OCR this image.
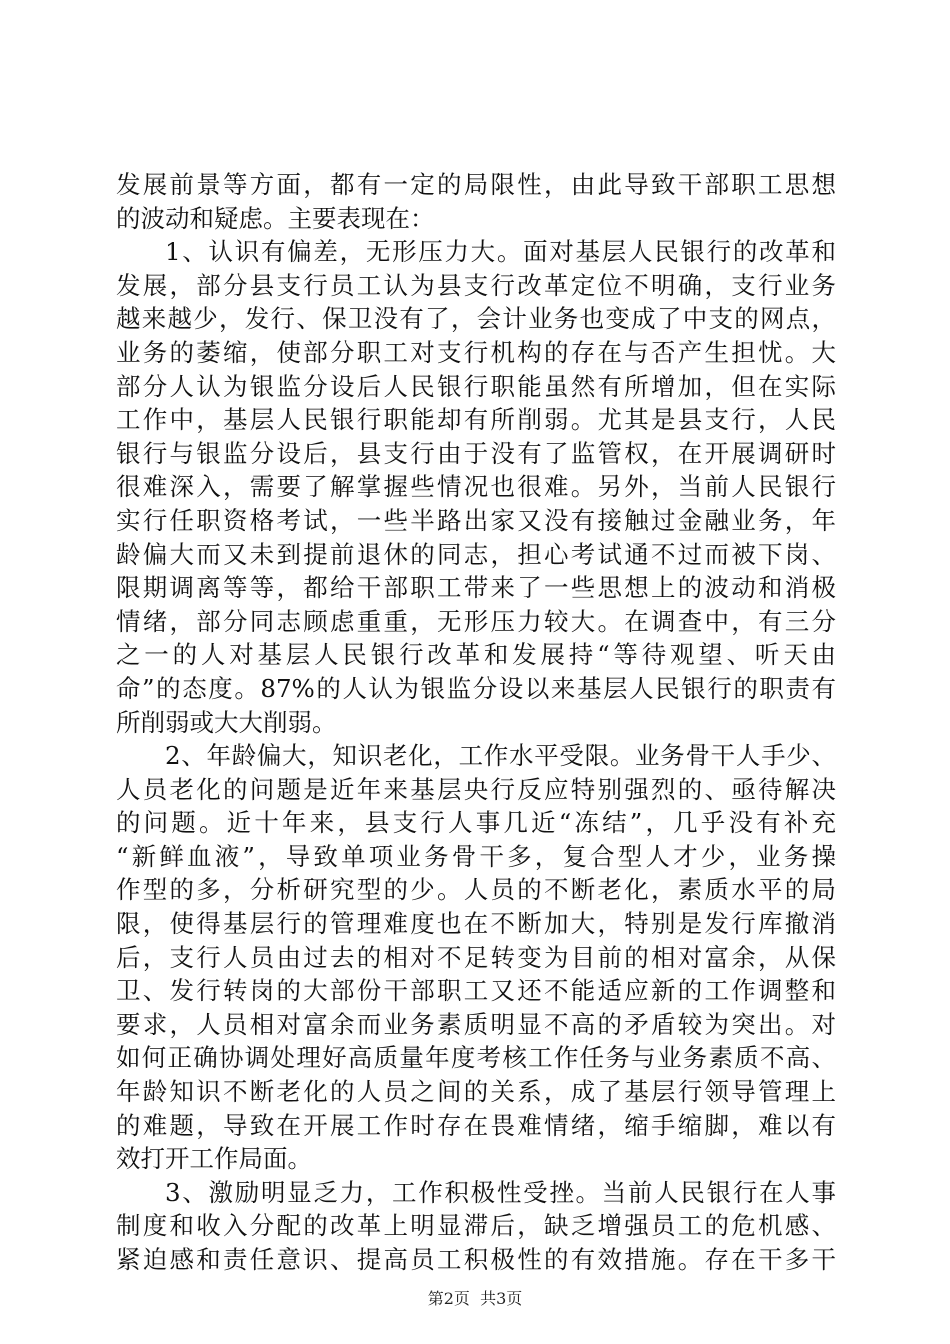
发展前景等方面，都有一定的局限性，由此导致干部职工思想
的波动和疑虑。主要表现在：
1、认识有偏差，无形压力大。面对基层人民银行的改革和
发展，部分县支行员工认为县支行改革定位不明确，支行业务
越来越少，发行、保卫没有了，会计业务也变成了中支的网点，
业务的萎缩，使部分职工对支行机构的存在与否产生担忧。大
部分人认为银监分设后人民银行职能虽然有所增加，但在实际
工作中，基层人民银行职能却有所削弱。尤其是县支行，人民
银行与银监分设后，县支行由于没有了监管权，在开展调研时
很难深入，需要了解掌握些情况也很难。另外，当前人民银行
实行任职资格考试，一些半路出家又没有接触过金融业务，年
龄偏大而又未到提前退休的同志，担心考试通不过而被下岗、
限期调离等等，都给干部职工带来了一些思想上的波动和消极
情绪，部分同志顾虑重重，无形压力较大。在调查中，有三分
之一的人对基层人民银行改革和发展持“等待观望、听天由
命”的态度。87%的人认为银监分设以来基层人民银行的职责有
所削弱或大大削弱。
2、年龄偏大，知识老化，工作水平受限。业务骨干人手少、
人员老化的问题是近年来基层央行反应特别强烈的、亟待解决
的问题。近十年来，县支行人事几近“冻结”，几乎没有补充
“新鲜血液”，导致单项业务骨干多，复合型人才少，业务操
作型的多，分析研究型的少。人员的不断老化，素质水平的局
限，使得基层行的管理难度也在不断加大，特别是发行库撤消
后，支行人员由过去的相对不足转变为目前的相对富余，从保
卫、发行转岗的大部份干部职工又还不能适应新的工作调整和
要求，人员相对富余而业务素质明显不高的矛盾较为突出。对
如何正确协调处理好高质量年度考核工作任务与业务素质不高、
年龄知识不断老化的人员之间的关系，成了基层行领导管理上
的难题，导致在开展工作时存在畏难情绪，缩手缩脚，难以有
效打开工作局面。
3、激励明显乏力，工作积极性受挫。当前人民银行在人事
制度和收入分配的改革上明显滞后，缺乏增强员工的危机感、
紧迫感和责任意识、提高员工积极性的有效措施。存在干多干
第2页  共3页
